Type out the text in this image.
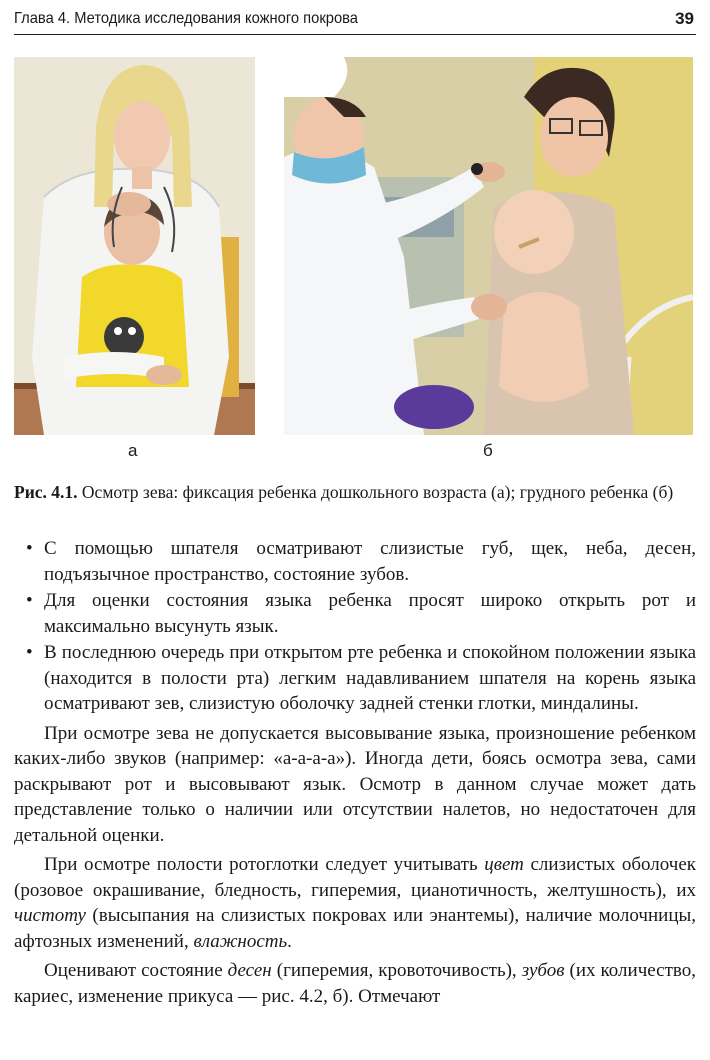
Глава 4. Методика исследования кожного покрова	39
а	б
Рис. 4.1. Осмотр зева: фиксация ребенка дошкольного возраста (а); грудного ребенка (б)
• С помощью шпателя осматривают слизистые губ, щек, неба, десен, подъязычное пространство, состояние зубов.
• Для оценки состояния языка ребенка просят широко открыть рот и максимально высунуть язык.
• В последнюю очередь при открытом рте ребенка и спокойном положении языка (находится в полости рта) легким надавливанием шпателя на корень языка осматривают зев, слизистую оболочку задней стенки глотки, миндалины.

При осмотре зева не допускается высовывание языка, произношение ребенком каких-либо звуков (например: «а-а-а-а»). Иногда дети, боясь осмотра зева, сами раскрывают рот и высовывают язык. Осмотр в данном случае может дать представление только о наличии или отсутствии налетов, но недостаточен для детальной оценки.

При осмотре полости ротоглотки следует учитывать цвет слизистых оболочек (розовое окрашивание, бледность, гиперемия, цианотичность, желтушность), их чистоту (высыпания на слизистых покровах или энантемы), наличие молочницы, афтозных изменений, влажность.

Оценивают состояние десен (гиперемия, кровоточивость), зубов (их количество, кариес, изменение прикуса — рис. 4.2, б). Отмечают
